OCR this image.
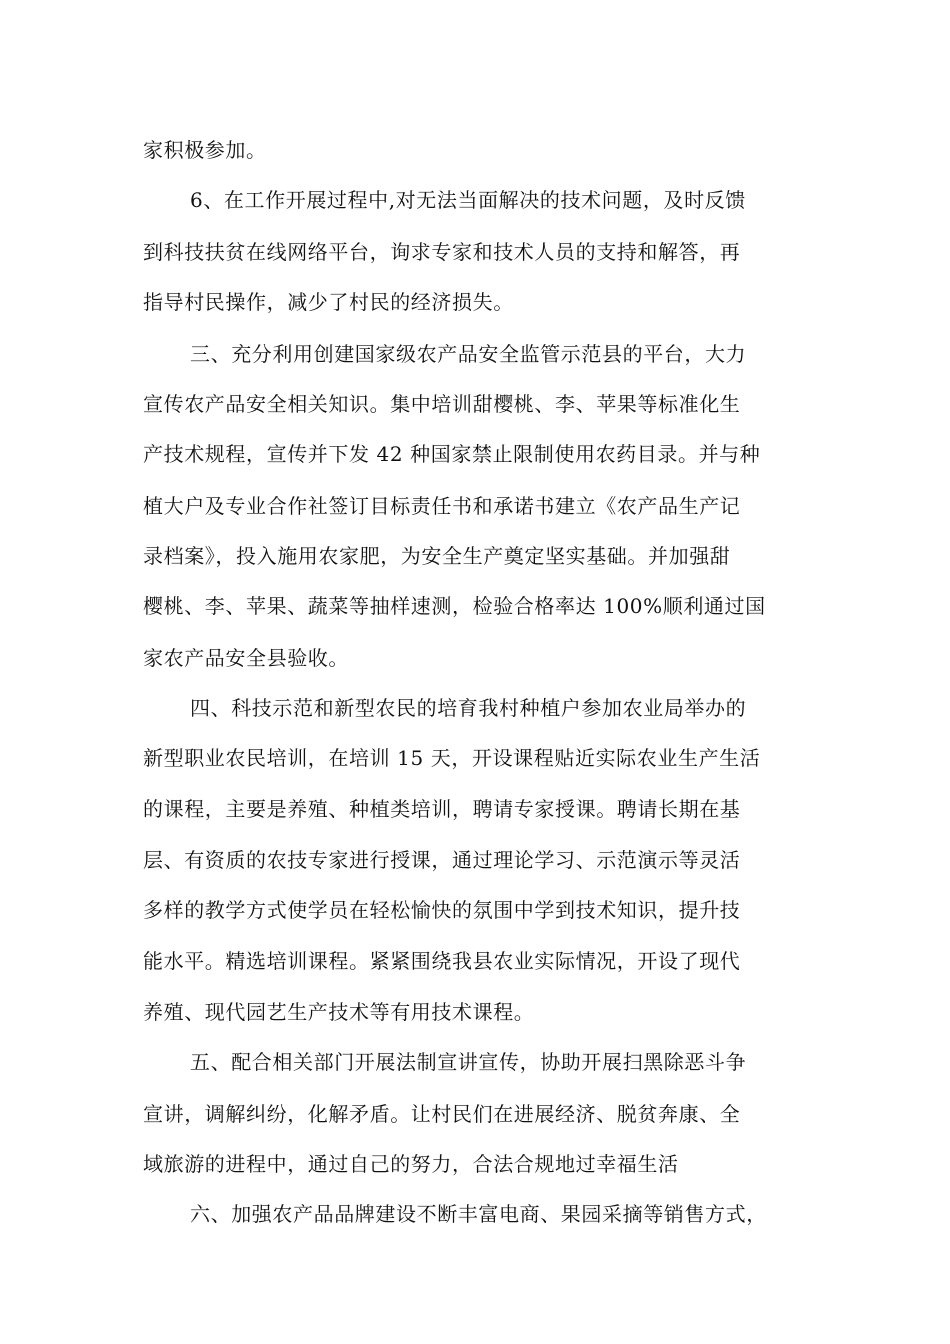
家积极参加。

6、在工作开展过程中,对无法当面解决的技术问题，及时反馈

到科技扶贫在线网络平台，询求专家和技术人员的支持和解答，再

指导村民操作，减少了村民的经济损失。

三、充分利用创建国家级农产品安全监管示范县的平台，大力

宣传农产品安全相关知识。集中培训甜樱桃、李、苹果等标准化生

产技术规程，宣传并下发 42 种国家禁止限制使用农药目录。并与种

植大户及专业合作社签订目标责任书和承诺书建立《农产品生产记

录档案》，投入施用农家肥，为安全生产奠定坚实基础。并加强甜

樱桃、李、苹果、蔬菜等抽样速测，检验合格率达 100%顺利通过国

家农产品安全县验收。

四、科技示范和新型农民的培育我村种植户参加农业局举办的

新型职业农民培训，在培训 15 天，开设课程贴近实际农业生产生活

的课程，主要是养殖、种植类培训，聘请专家授课。聘请长期在基

层、有资质的农技专家进行授课，通过理论学习、示范演示等灵活

多样的教学方式使学员在轻松愉快的氛围中学到技术知识，提升技

能水平。精选培训课程。紧紧围绕我县农业实际情况，开设了现代

养殖、现代园艺生产技术等有用技术课程。

五、配合相关部门开展法制宣讲宣传，协助开展扫黑除恶斗争

宣讲，调解纠纷，化解矛盾。让村民们在进展经济、脱贫奔康、全

域旅游的进程中，通过自己的努力，合法合规地过幸福生活

六、加强农产品品牌建设不断丰富电商、果园采摘等销售方式，
